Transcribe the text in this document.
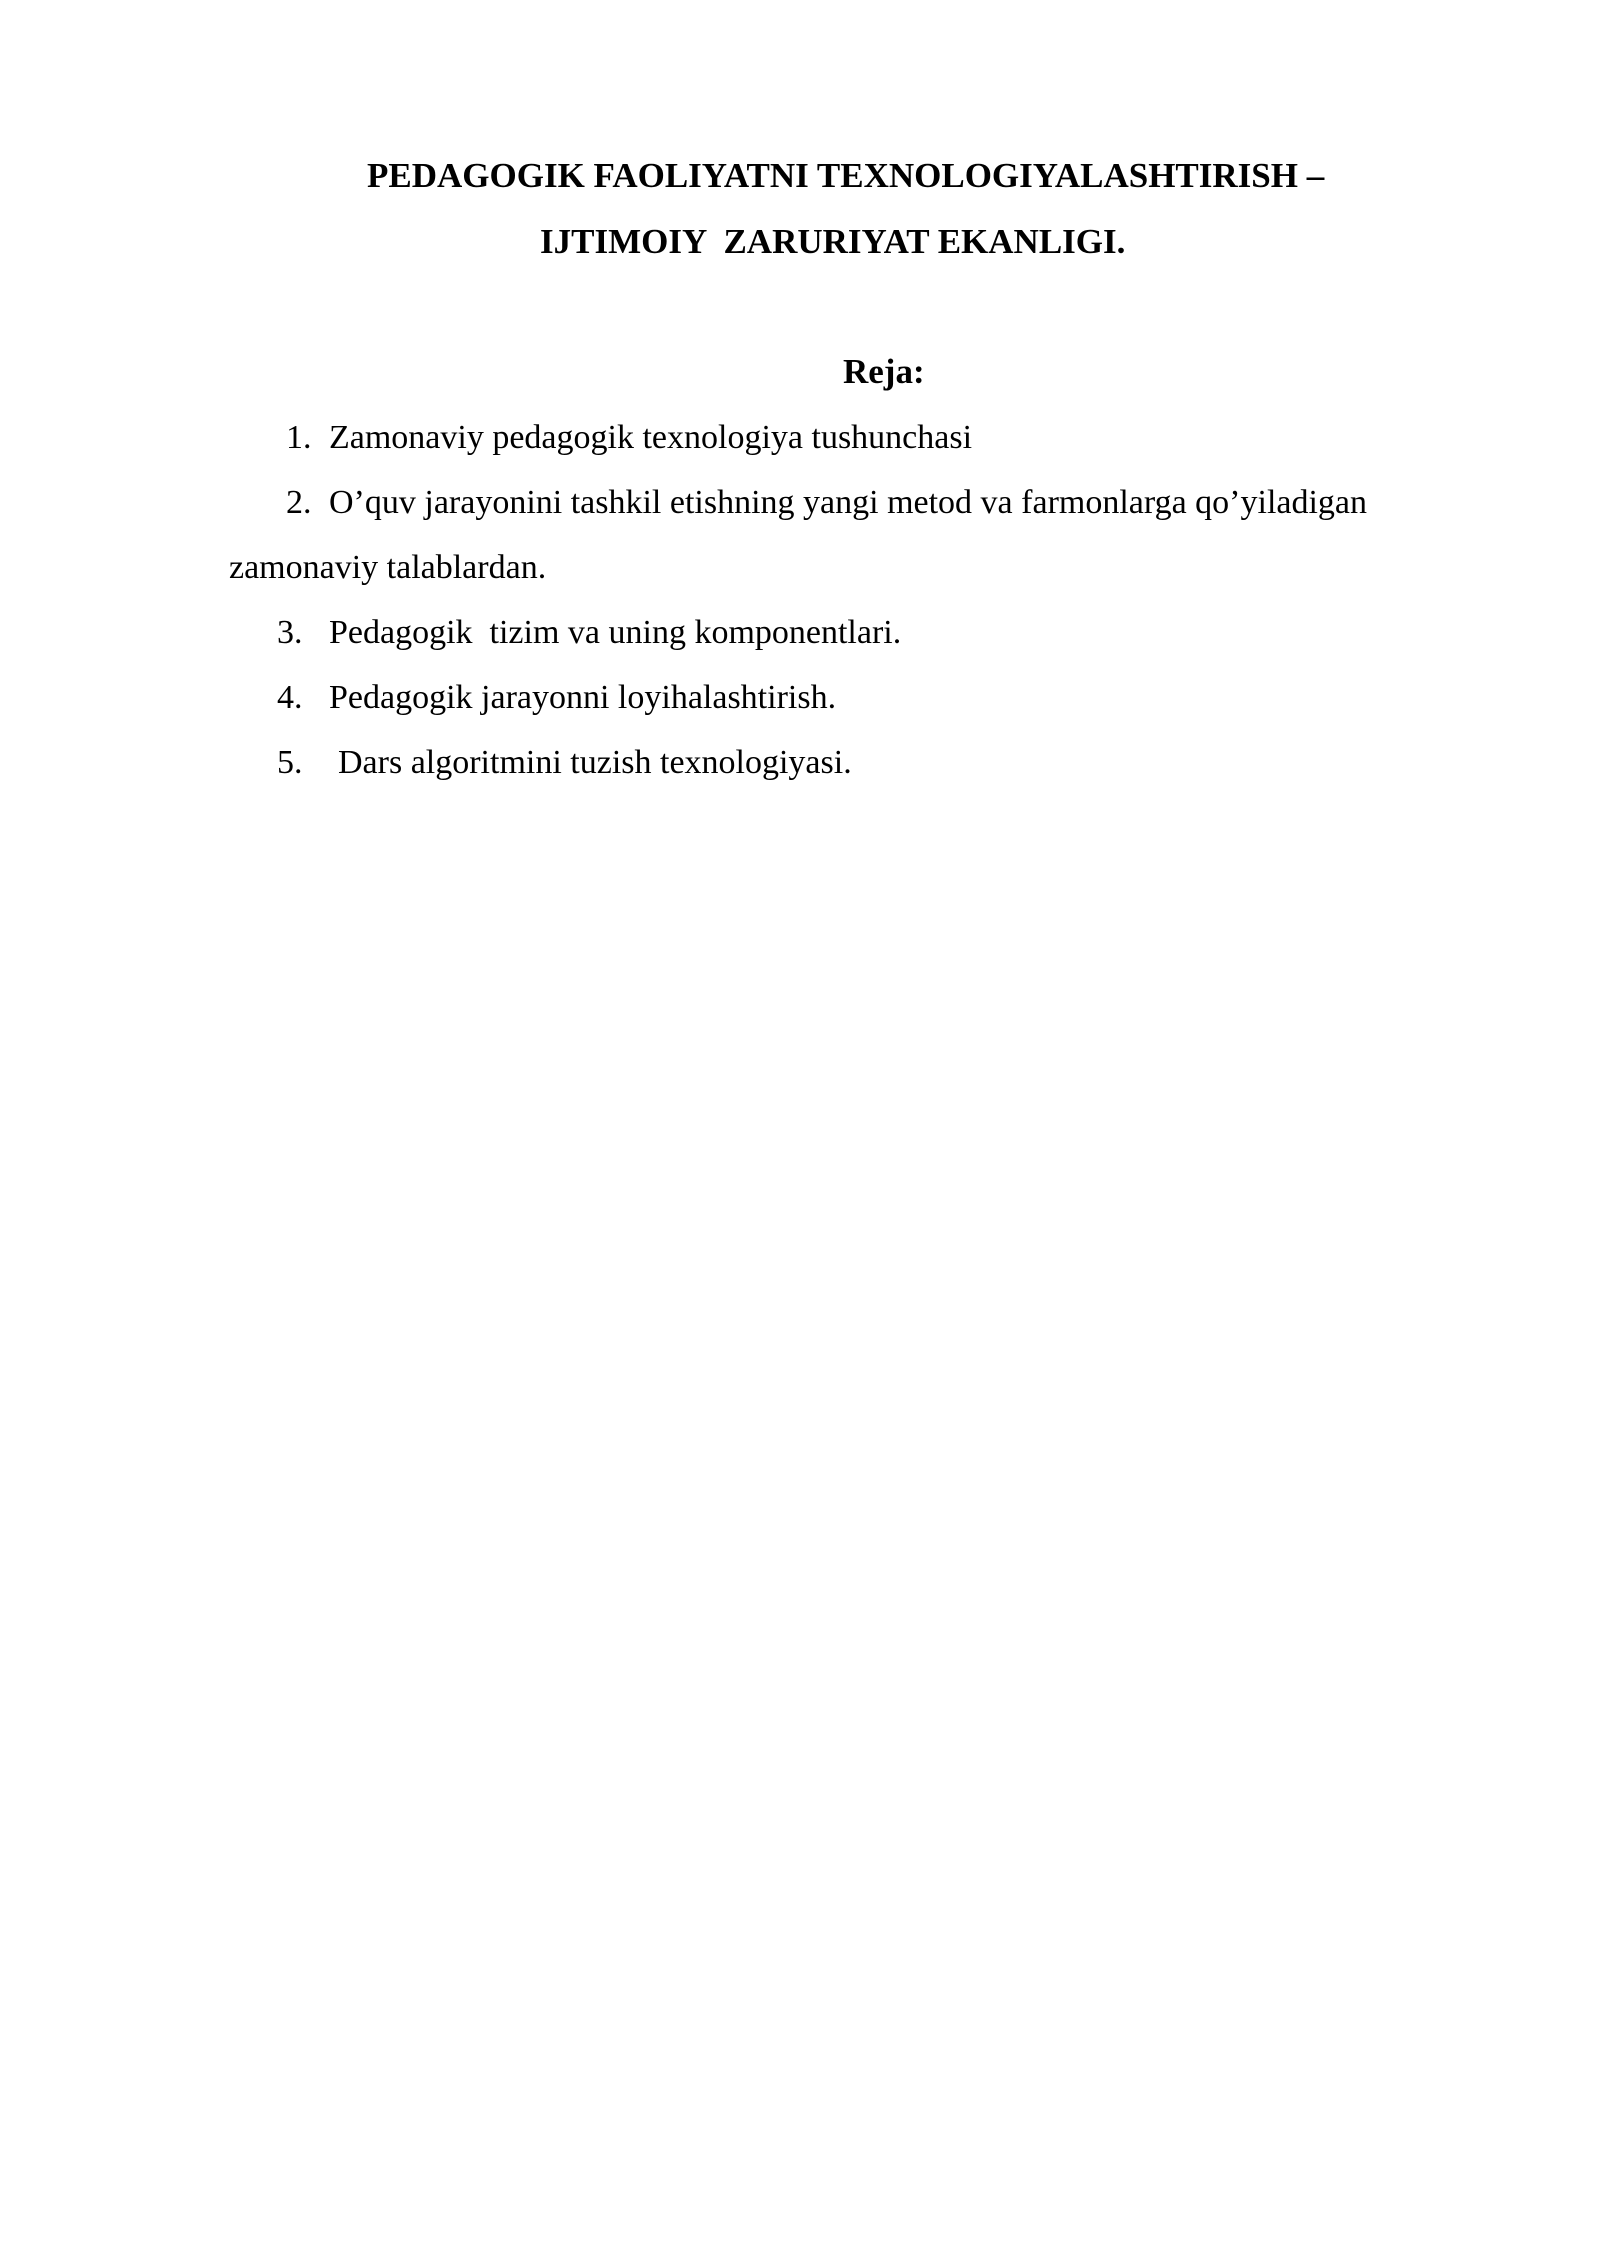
PEDAGOGIK FAOLIYATNI TEXNOLOGIYALASHTIRISH –
IJTIMOIY  ZARURIYAT EKANLIGI.
Reja:
1. Zamonaviy pedagogik texnologiya tushunchasi
2. O’quv jarayonini tashkil etishning yangi metod va farmonlarga qo’yiladigan
zamonaviy talablardan.
3. Pedagogik  tizim va uning komponentlari.
4. Pedagogik jarayonni loyihalashtirish.
5. Dars algoritmini tuzish texnologiyasi.
